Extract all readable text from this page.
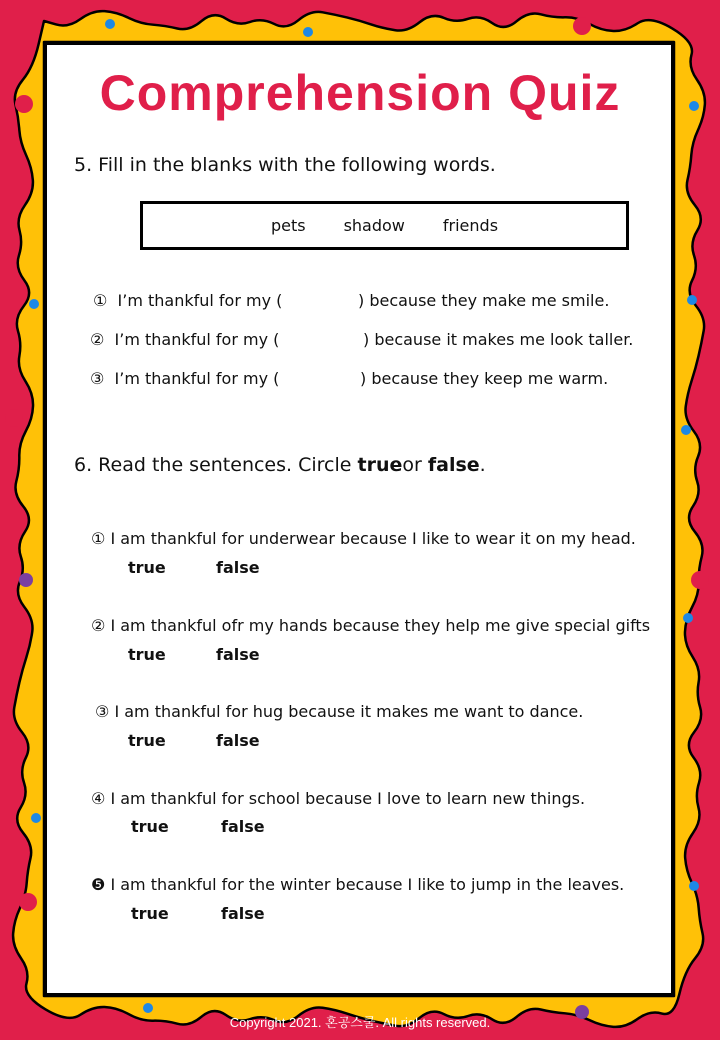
Comprehension Quiz
5. Fill in the blanks with the following words.
pets shadow friends
① I’m thankful for my (	) because they make me smile.
② I’m thankful for my (	) because it makes me look taller.
③ I’m thankful for my (	) because they keep me warm.
6. Read the sentences. Circle trueor false.
① I am thankful for underwear because I like to wear it on my head.
true	false
② I am thankful ofr my hands because they help me give special gifts
true	false
③ I am thankful for hug because it makes me want to dance.
true	false
④ I am thankful for school because I love to learn new things.
true	false
❺ I am thankful for the winter because I like to jump in the leaves.
true	false
Copyright 2021. 혼공스쿨. All rights reserved.
